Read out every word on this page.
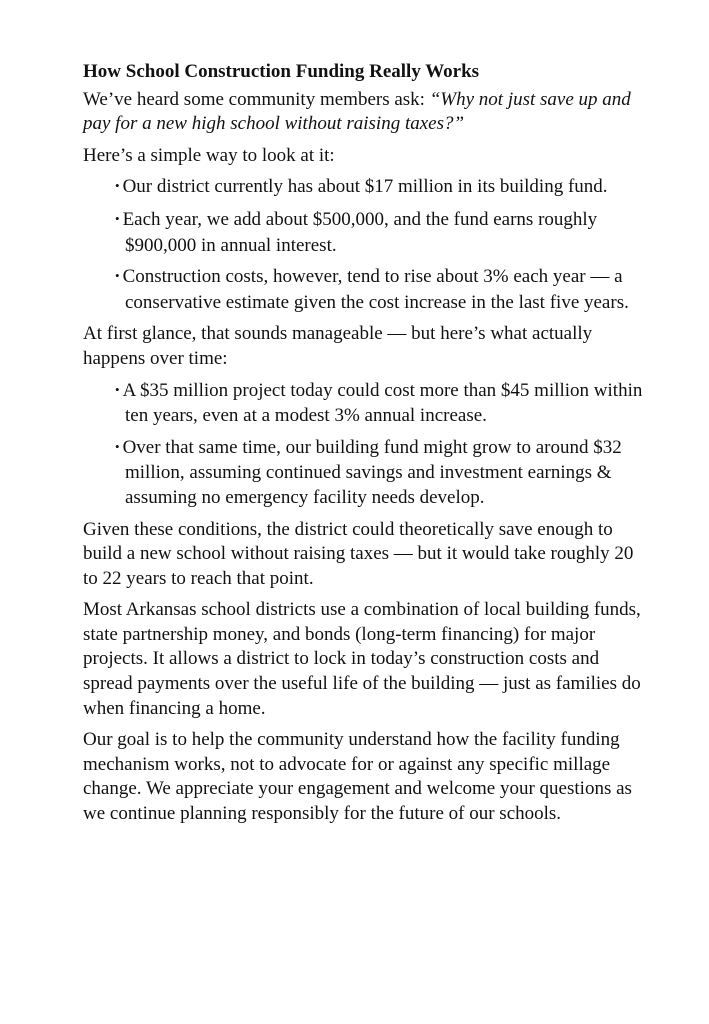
How School Construction Funding Really Works

We’ve heard some community members ask: “Why not just save up and pay for a new high school without raising taxes?”

Here’s a simple way to look at it:

• Our district currently has about $17 million in its building fund.
• Each year, we add about $500,000, and the fund earns roughly $900,000 in annual interest.
• Construction costs, however, tend to rise about 3% each year — a conservative estimate given the cost increase in the last five years.

At first glance, that sounds manageable — but here’s what actually happens over time:

• A $35 million project today could cost more than $45 million within ten years, even at a modest 3% annual increase.
• Over that same time, our building fund might grow to around $32 million, assuming continued savings and investment earnings & assuming no emergency facility needs develop.

Given these conditions, the district could theoretically save enough to build a new school without raising taxes — but it would take roughly 20 to 22 years to reach that point.

Most Arkansas school districts use a combination of local building funds, state partnership money, and bonds (long-term financing) for major projects. It allows a district to lock in today’s construction costs and spread payments over the useful life of the building — just as families do when financing a home.

Our goal is to help the community understand how the facility funding mechanism works, not to advocate for or against any specific millage change. We appreciate your engagement and welcome your questions as we continue planning responsibly for the future of our schools.
